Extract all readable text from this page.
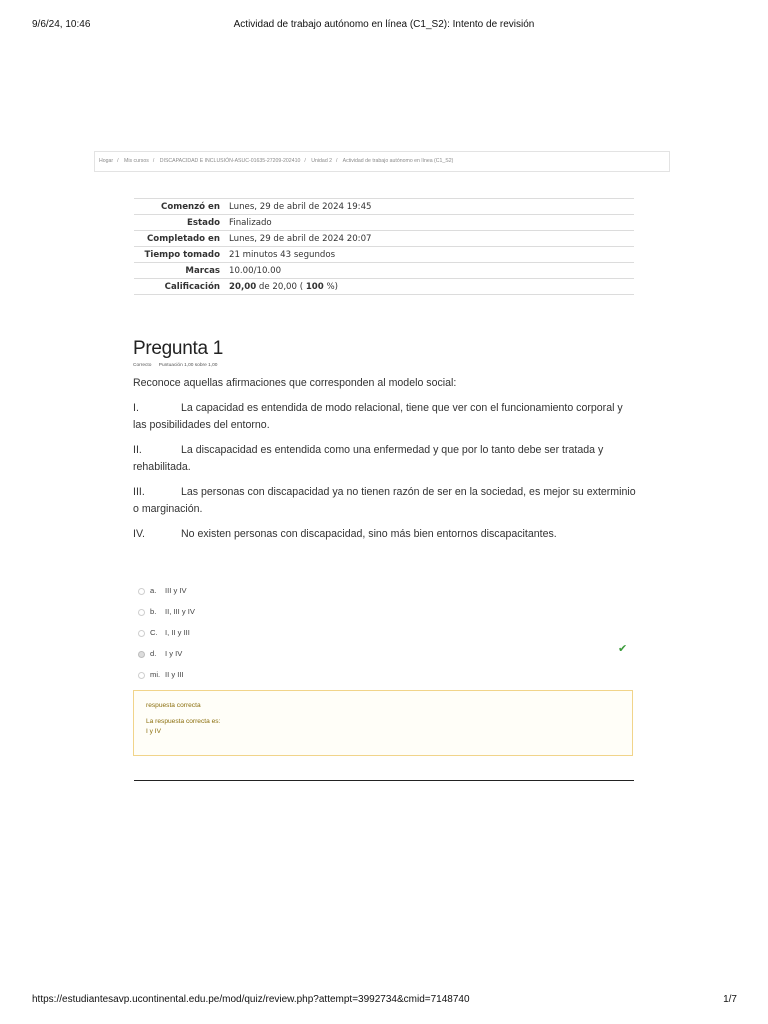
9/6/24, 10:46	Actividad de trabajo autónomo en línea (C1_S2): Intento de revisión
Hogar / Mis cursos / DISCAPACIDAD E INCLUSIÓN-ASUC-01635-27209-202410 / Unidad 2 / Actividad de trabajo autónomo en línea (C1_S2)
Comenzó en	Lunes, 29 de abril de 2024 19:45
Estado	Finalizado
Completado en	Lunes, 29 de abril de 2024 20:07
Tiempo tomado	21 minutos 43 segundos
Marcas	10.00/10.00
Calificación	20,00 de 20,00 ( 100 %)
Pregunta 1
Correcto Puntuación 1,00 sobre 1,00

Reconoce aquellas afirmaciones que corresponden al modelo social:

I.	La capacidad es entendida de modo relacional, tiene que ver con el funcionamiento corporal y las posibilidades del entorno.

II.	La discapacidad es entendida como una enfermedad y que por lo tanto debe ser tratada y rehabilitada.

III.	Las personas con discapacidad ya no tienen razón de ser en la sociedad, es mejor su exterminio o marginación.

IV.	No existen personas con discapacidad, sino más bien entornos discapacitantes.

a. III y IV
b. II, III y IV
C. I, II y III
d. I y IV	✔
mi. II y III
respuesta correcta
La respuesta correcta es:
I y IV
https://estudiantesavp.ucontinental.edu.pe/mod/quiz/review.php?attempt=3992734&cmid=7148740	1/7
